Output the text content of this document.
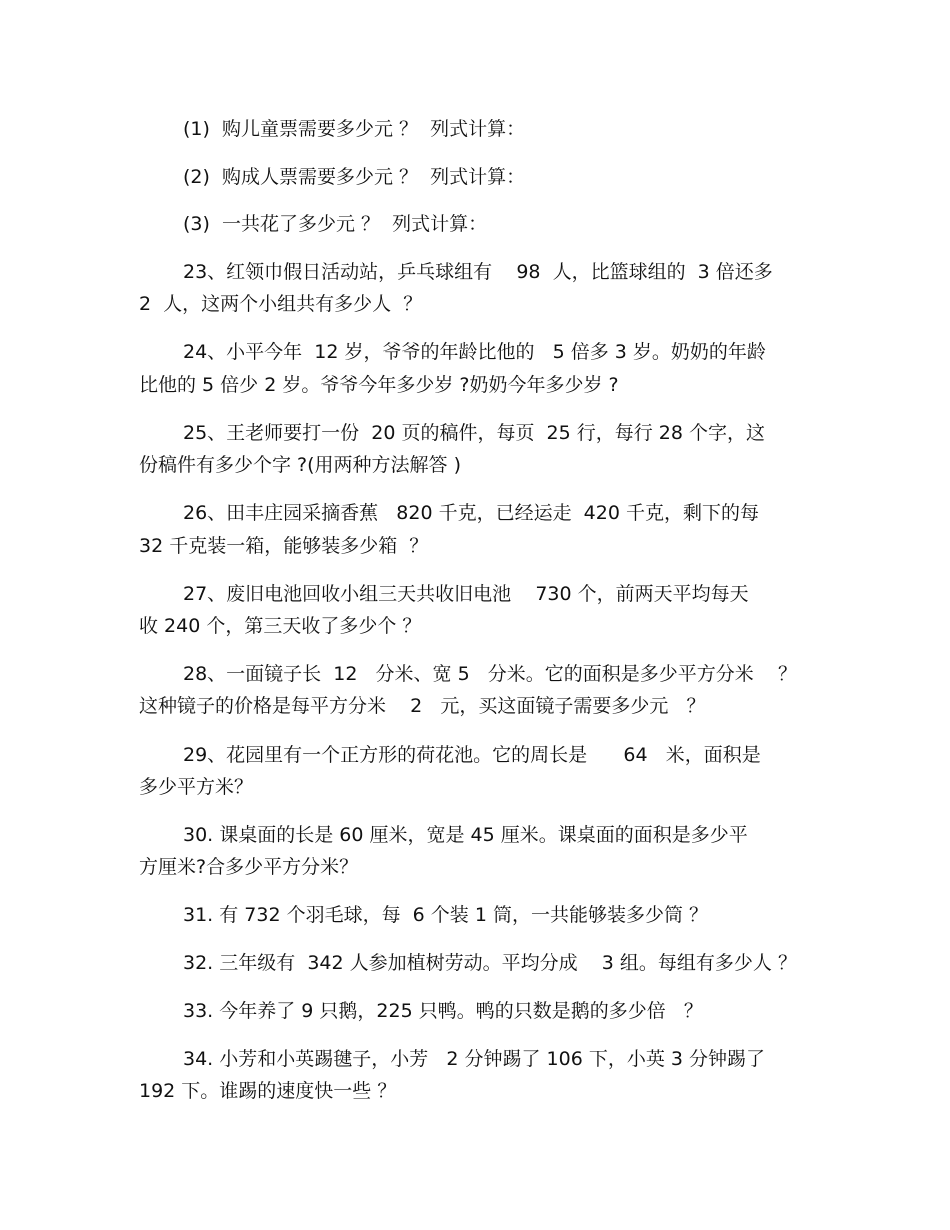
(1)  购儿童票需要多少元 ？  列式计算：

(2)  购成人票需要多少元 ？  列式计算：

(3)  一共花了多少元 ？  列式计算：

23、红领巾假日活动站，乒乓球组有    98  人，比篮球组的  3 倍还多

2  人，这两个小组共有多少人  ？

24、小平今年  12 岁，爷爷的年龄比他的   5 倍多 3 岁。奶奶的年龄

比他的 5 倍少 2 岁。爷爷今年多少岁 ?奶奶今年多少岁 ?

25、王老师要打一份  20 页的稿件，每页  25 行，每行 28 个字，这

份稿件有多少个字 ?(用两种方法解答 )

26、田丰庄园采摘香蕉   820 千克，已经运走  420 千克，剩下的每

32 千克装一箱，能够装多少箱  ？

27、废旧电池回收小组三天共收旧电池    730 个，前两天平均每天

收 240 个，第三天收了多少个 ？

28、一面镜子长  12   分米、宽 5   分米。它的面积是多少平方分米    ？

这种镜子的价格是每平方分米    2   元，买这面镜子需要多少元   ？

29、花园里有一个正方形的荷花池。它的周长是      64   米，面积是

多少平方米？

30. 课桌面的长是 60 厘米，宽是 45 厘米。课桌面的面积是多少平

方厘米?合多少平方分米？

31. 有 732 个羽毛球，每  6 个装 1 筒，一共能够装多少筒 ？

32. 三年级有  342 人参加植树劳动。平均分成    3 组。每组有多少人 ？

33. 今年养了 9 只鹅，225 只鸭。鸭的只数是鹅的多少倍   ？

34. 小芳和小英踢毽子，小芳   2 分钟踢了 106 下，小英 3 分钟踢了

192 下。谁踢的速度快一些 ？
